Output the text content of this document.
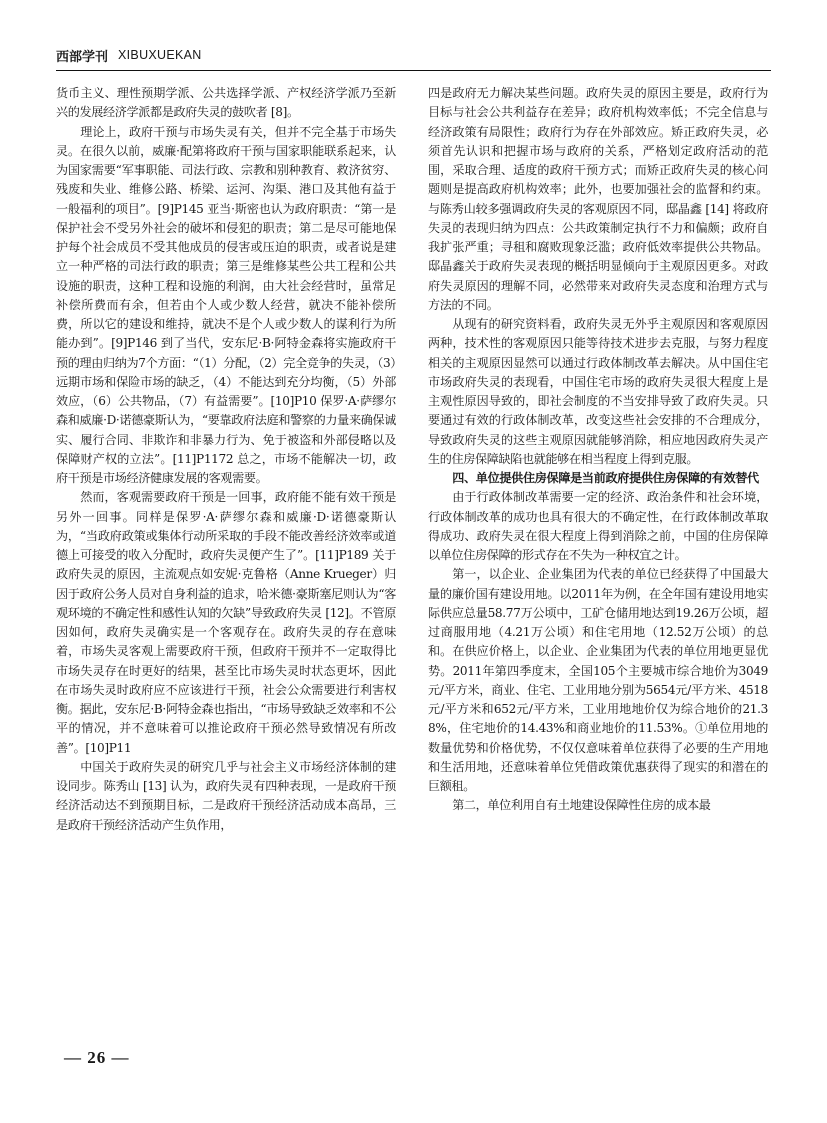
西部学刊 XIBUXUEKAN

货币主义、理性预期学派、公共选择学派、产权经济学派乃至新兴的发展经济学派都是政府失灵的鼓吹者 [8]。

理论上，政府干预与市场失灵有关，但并不完全基于市场失灵。在很久以前，威廉·配第将政府干预与国家职能联系起来，认为国家需要“军事职能、司法行政、宗教和别种教育、救济贫穷、残废和失业、维修公路、桥梁、运河、沟渠、港口及其他有益于一般福利的项目”。[9]P145 亚当·斯密也认为政府职责：“第一是保护社会不受另外社会的破坏和侵犯的职责；第二是尽可能地保护每个社会成员不受其他成员的侵害或压迫的职责，或者说是建立一种严格的司法行政的职责；第三是维修某些公共工程和公共设施的职责，这种工程和设施的利润，由大社会经营时，虽常足补偿所费而有余，但若由个人或少数人经营，就决不能补偿所费，所以它的建设和维持，就决不是个人或少数人的谋利行为所能办到”。[9]P146 到了当代，安东尼·B·阿特金森将实施政府干预的理由归纳为7个方面：“（1）分配，（2）完全竞争的失灵，（3）远期市场和保险市场的缺乏，（4）不能达到充分均衡，（5）外部效应，（6）公共物品，（7）有益需要”。[10]P10 保罗·A·萨缪尔森和威廉·D·诺德豪斯认为，“要靠政府法庭和警察的力量来确保诚实、履行合同、非欺诈和非暴力行为、免于被盗和外部侵略以及保障财产权的立法”。[11]P1172 总之，市场不能解决一切，政府干预是市场经济健康发展的客观需要。

然而，客观需要政府干预是一回事，政府能不能有效干预是另外一回事。同样是保罗·A·萨缪尔森和威廉·D·诺德豪斯认为，“当政府政策或集体行动所采取的手段不能改善经济效率或道德上可接受的收入分配时，政府失灵便产生了”。[11]P189 关于政府失灵的原因，主流观点如安妮·克鲁格（Anne Krueger）归因于政府公务人员对自身利益的追求，哈米德·豪斯塞尼则认为“客观环境的不确定性和感性认知的欠缺”导致政府失灵 [12]。不管原因如何，政府失灵确实是一个客观存在。政府失灵的存在意味着，市场失灵客观上需要政府干预，但政府干预并不一定取得比市场失灵存在时更好的结果，甚至比市场失灵时状态更坏，因此在市场失灵时政府应不应该进行干预，社会公众需要进行利害权衡。据此，安东尼·B·阿特金森也指出，“市场导致缺乏效率和不公平的情况，并不意味着可以推论政府干预必然导致情况有所改善”。[10]P11

中国关于政府失灵的研究几乎与社会主义市场经济体制的建设同步。陈秀山 [13] 认为，政府失灵有四种表现，一是政府干预经济活动达不到预期目标，二是政府干预经济活动成本高昂，三是政府干预经济活动产生负作用，

四是政府无力解决某些问题。政府失灵的原因主要是，政府行为目标与社会公共利益存在差异；政府机构效率低；不完全信息与经济政策有局限性；政府行为存在外部效应。矫正政府失灵，必须首先认识和把握市场与政府的关系，严格划定政府活动的范围，采取合理、适度的政府干预方式；而矫正政府失灵的核心问题则是提高政府机构效率；此外，也要加强社会的监督和约束。与陈秀山较多强调政府失灵的客观原因不同，邸晶鑫 [14] 将政府失灵的表现归纳为四点：公共政策制定执行不力和偏颇；政府自我扩张严重；寻租和腐败现象泛滥；政府低效率提供公共物品。邸晶鑫关于政府失灵表现的概括明显倾向于主观原因更多。对政府失灵原因的理解不同，必然带来对政府失灵态度和治理方式与方法的不同。

从现有的研究资料看，政府失灵无外乎主观原因和客观原因两种，技术性的客观原因只能等待技术进步去克服，与努力程度相关的主观原因显然可以通过行政体制改革去解决。从中国住宅市场政府失灵的表现看，中国住宅市场的政府失灵很大程度上是主观性原因导致的，即社会制度的不当安排导致了政府失灵。只要通过有效的行政体制改革，改变这些社会安排的不合理成分，导致政府失灵的这些主观原因就能够消除，相应地因政府失灵产生的住房保障缺陷也就能够在相当程度上得到克服。

四、单位提供住房保障是当前政府提供住房保障的有效替代

由于行政体制改革需要一定的经济、政治条件和社会环境，行政体制改革的成功也具有很大的不确定性，在行政体制改革取得成功、政府失灵在很大程度上得到消除之前，中国的住房保障以单位住房保障的形式存在不失为一种权宜之计。

第一，以企业、企业集团为代表的单位已经获得了中国最大量的廉价国有建设用地。以2011年为例，在全年国有建设用地实际供应总量58.77万公顷中，工矿仓储用地达到19.26万公顷，超过商服用地（4.21万公顷）和住宅用地（12.52万公顷）的总和。在供应价格上，以企业、企业集团为代表的单位用地更显优势。2011年第四季度末，全国105个主要城市综合地价为3049元/平方米，商业、住宅、工业用地分别为5654元/平方米、4518元/平方米和652元/平方米，工业用地地价仅为综合地价的21.38%，住宅地价的14.43%和商业地价的11.53%。①单位用地的数量优势和价格优势，不仅仅意味着单位获得了必要的生产用地和生活用地，还意味着单位凭借政策优惠获得了现实的和潜在的巨额租。

第二，单位利用自有土地建设保障性住房的成本最

— 26 —
